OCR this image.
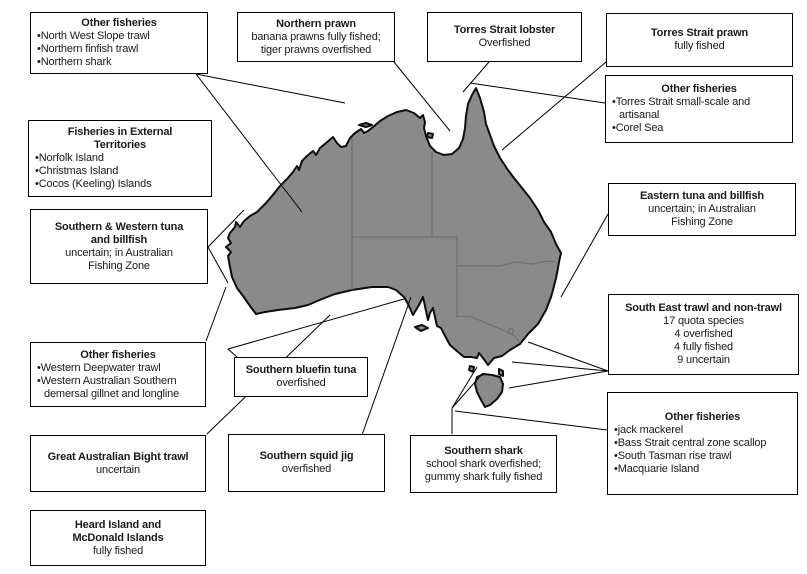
Other fisheries
•North West Slope trawl
•Northern finfish trawl
•Northern shark
Northern prawn
banana prawns fully fished;
tiger prawns overfished
Torres Strait lobster
Overfished
Torres Strait prawn
fully fished
Other fisheries
•Torres Strait small-scale and artisanal
•Corel Sea
Eastern tuna and billfish
uncertain; in Australian
Fishing Zone
South East trawl and non-trawl
17 quota species
4 overfished
4 fully fished
9 uncertain
Other fisheries
•jack mackerel
•Bass Strait central zone scallop
•South Tasman rise trawl
•Macquarie Island
Fisheries in External
Territories
•Norfolk Island
•Christmas Island
•Cocos (Keeling) Islands
Southern & Western tuna
and billfish
uncertain; in Australian
Fishing Zone
Other fisheries
•Western Deepwater trawl
•Western Australian Southern demersal gillnet and longline
Great Australian Bight trawl
uncertain
Heard Island and
McDonald Islands
fully fished
Southern bluefin tuna
overfished
Southern squid jig
overfished
Southern shark
school shark overfished;
gummy shark fully fished
